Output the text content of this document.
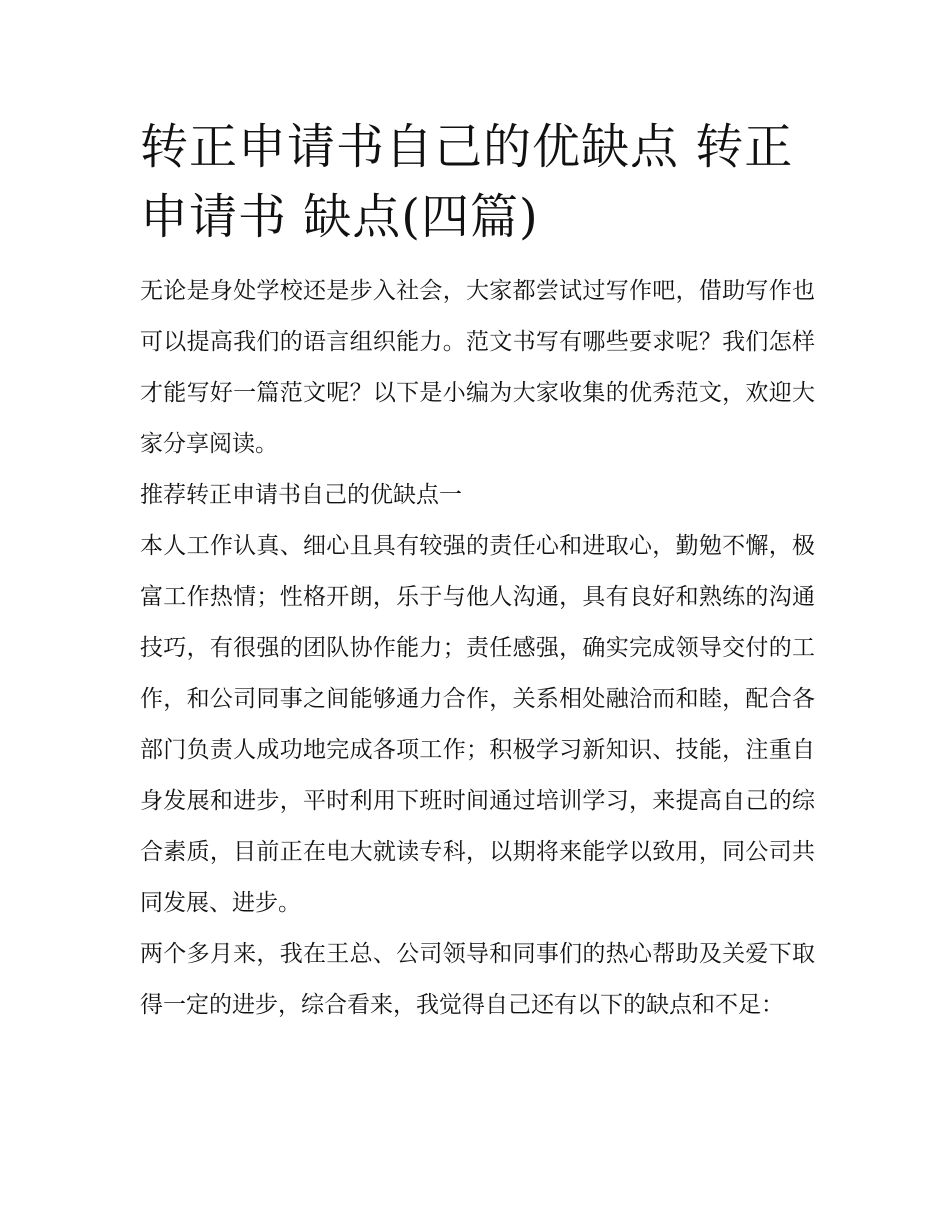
转正申请书自己的优缺点 转正申请书 缺点(四篇)

无论是身处学校还是步入社会，大家都尝试过写作吧，借助写作也可以提高我们的语言组织能力。范文书写有哪些要求呢？我们怎样才能写好一篇范文呢？以下是小编为大家收集的优秀范文，欢迎大家分享阅读。

推荐转正申请书自己的优缺点一

本人工作认真、细心且具有较强的责任心和进取心，勤勉不懈，极富工作热情；性格开朗，乐于与他人沟通，具有良好和熟练的沟通技巧，有很强的团队协作能力；责任感强，确实完成领导交付的工作，和公司同事之间能够通力合作，关系相处融洽而和睦，配合各部门负责人成功地完成各项工作；积极学习新知识、技能，注重自身发展和进步，平时利用下班时间通过培训学习，来提高自己的综合素质，目前正在电大就读专科，以期将来能学以致用，同公司共同发展、进步。

两个多月来，我在王总、公司领导和同事们的热心帮助及关爱下取得一定的进步，综合看来，我觉得自己还有以下的缺点和不足：
